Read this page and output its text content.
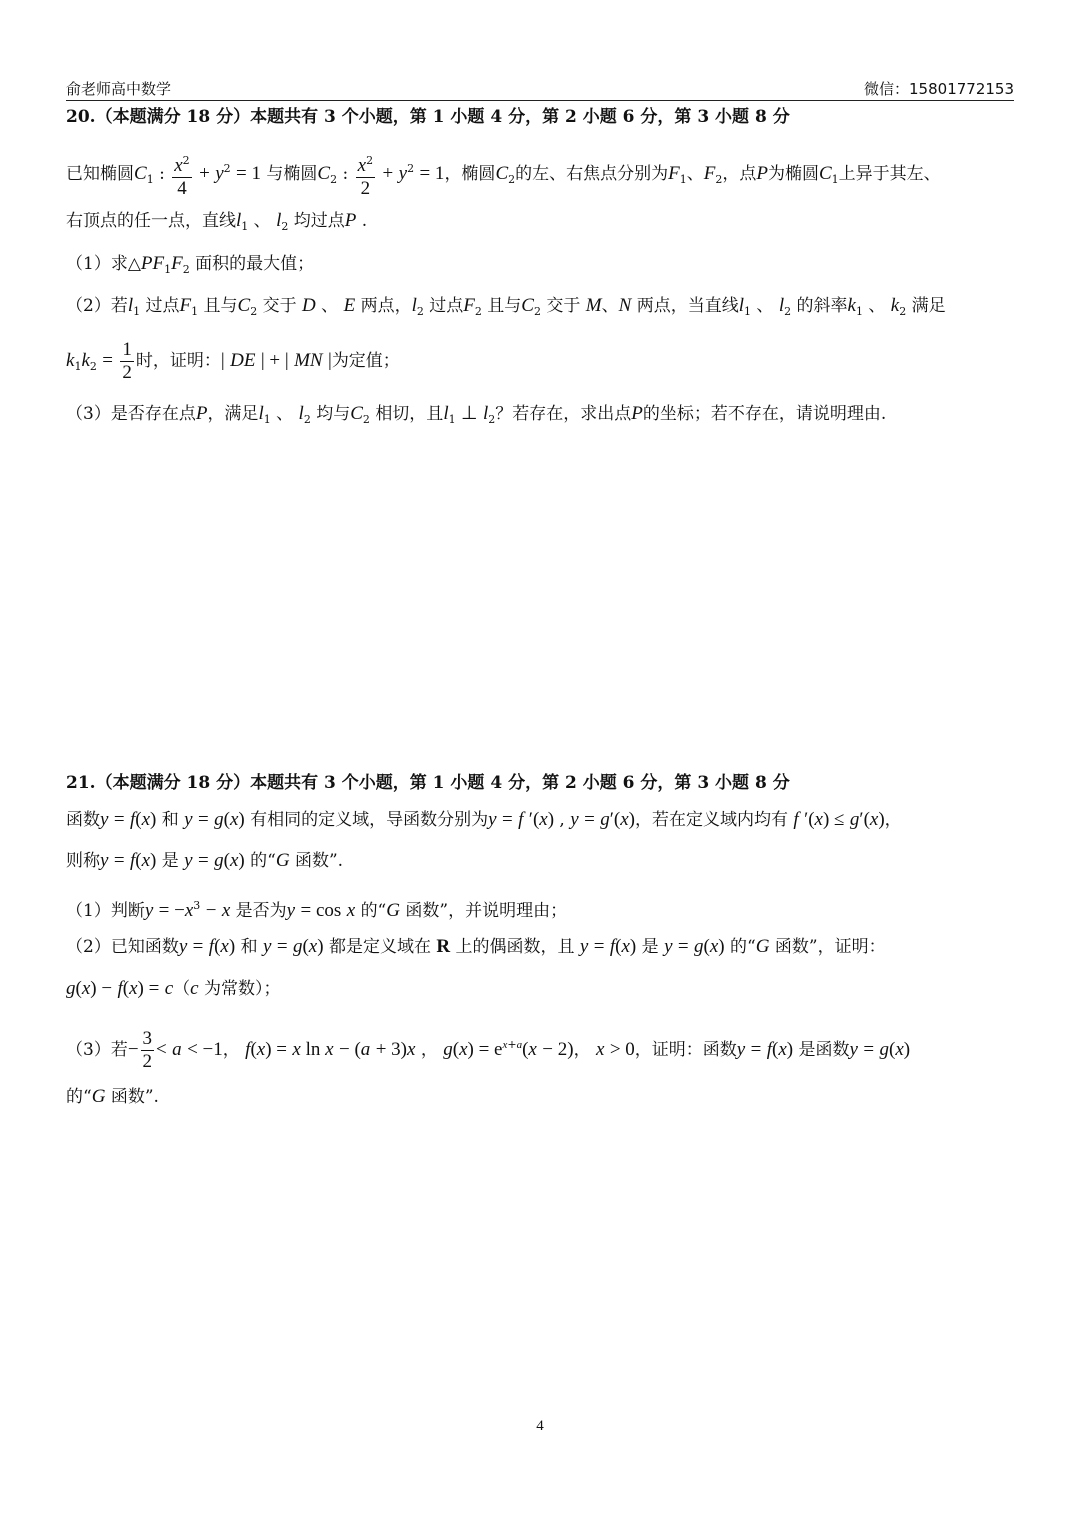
俞老师高中数学	微信：15801772153
20.（本题满分 18 分）本题共有 3 个小题，第 1 小题 4 分，第 2 小题 6 分，第 3 小题 8 分
已知椭圆$C_1$ : $\frac{x^2}{4} + y^2 = 1$ 与椭圆$C_2$ : $\frac{x^2}{2} + y^2 = 1$，椭圆$C_2$的左、右焦点分别为$F_1$、$F_2$，点P为椭圆$C_1$上异于其左、
右顶点的任一点，直线$l_1$ 、 $l_2$ 均过点P .
（1）求$\triangle PF_1F_2$ 面积的最大值；
（2）若$l_1$ 过点$F_1$ 且与$C_2$ 交于 D 、 E 两点，$l_2$ 过点$F_2$ 且与$C_2$ 交于 M、N 两点，当直线$l_1$ 、 $l_2$ 的斜率$k_1$ 、 $k_2$ 满足
$k_1k_2 = \frac{1}{2}$ 时，证明：| DE | + | MN |为定值；
（3）是否存在点P，满足$l_1$ 、 $l_2$ 均与$C_2$ 相切，且$l_1$ ⊥ $l_2$？若存在，求出点P的坐标；若不存在，请说明理由.
21.（本题满分 18 分）本题共有 3 个小题，第 1 小题 4 分，第 2 小题 6 分，第 3 小题 8 分
函数y = f(x) 和 y = g(x) 有相同的定义域，导函数分别为y = f ′(x) , y = g′(x)，若在定义域内均有 f ′(x) ≤ g′(x)，
则称y = f(x) 是 y = g(x) 的“G 函数”.
（1）判断$y = -x^3 - x$ 是否为y = cos x 的“G 函数”，并说明理由；
（2）已知函数y = f(x) 和 y = g(x) 都是定义域在 R 上的偶函数，且 y = f(x) 是 y = g(x) 的“G 函数”，证明：
g(x) − f(x) = c（c 为常数）；
（3）若− $\frac{3}{2} < a < -1$， f(x) = x ln x − (a + 3)x ， $g(x) = e^{x+a}(x - 2)$， x > 0，证明：函数y = f(x) 是函数y = g(x)
的“G 函数”.
4
